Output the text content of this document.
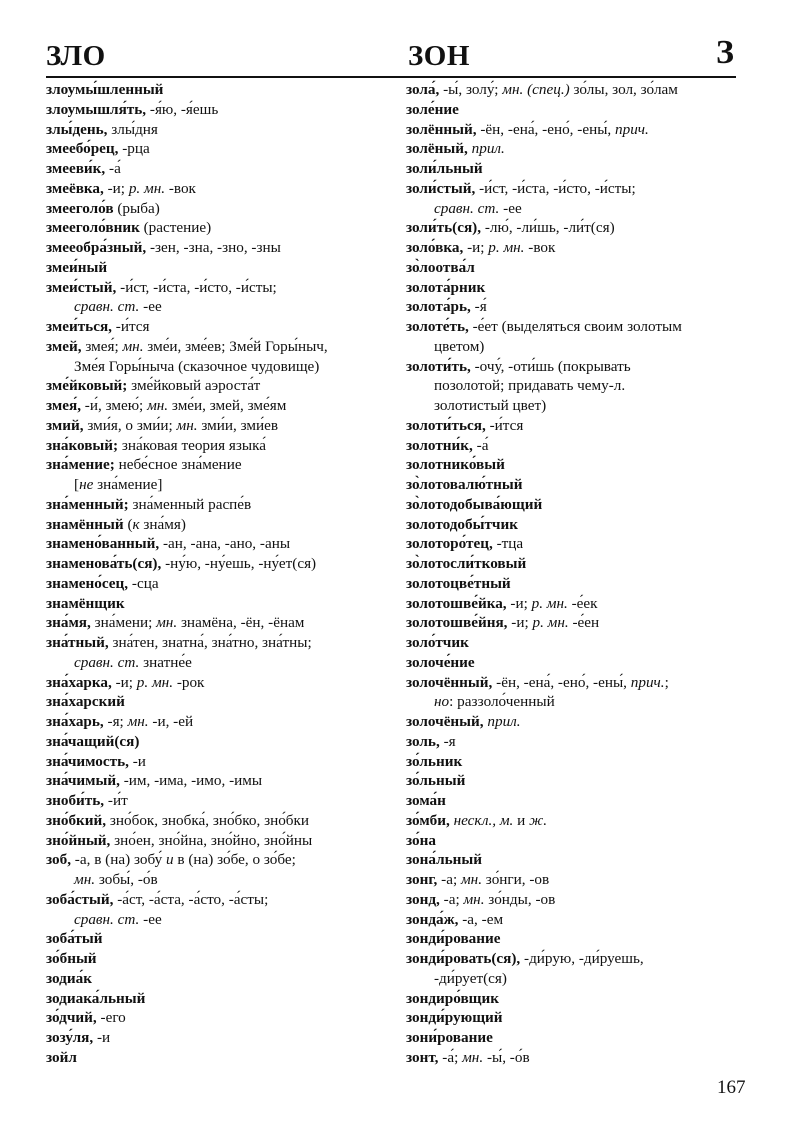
ЗЛО	ЗОН	З
злоумы́шленный
злоумышля́ть, -я́ю, -я́ешь
злы́день, злы́дня
змеебо́рец, -рца
змееви́к, -а́
змеёвка, -и; р. мн. -вок
змееголо́в (рыба)
змееголо́вник (растение)
змееобра́зный, -зен, -зна, -зно, -зны
змеи́ный
змеи́стый, -и́ст, -и́ста, -и́сто, -и́сты;
сравн. ст. -ее
змеи́ться, -и́тся
змей, змея́; мн. зме́и, зме́ев; Зме́й Горы́ныч,
Зме́я Горы́ныча (сказочное чудовище)
зме́йковый; зме́йковый аэроста́т
змея́, -и́, змею́; мн. зме́и, змей, зме́ям
змий, зми́я, о зми́и; мн. зми́и, зми́ев
зна́ковый; зна́ковая теория языка́
зна́мение; небе́сное зна́мение
[не зна́мение]
зна́менный; зна́менный распе́в
знамённый (к зна́мя)
знамено́ванный, -ан, -ана, -ано, -аны
знаменова́ть(ся), -ну́ю, -ну́ешь, -ну́ет(ся)
знамено́сец, -сца
знамёнщик
зна́мя, зна́мени; мн. знамёна, -ён, -ёнам
зна́тный, зна́тен, знатна́, зна́тно, зна́тны;
сравн. ст. знатне́е
зна́харка, -и; р. мн. -рок
зна́харский
зна́харь, -я; мн. -и, -ей
зна́чащий(ся)
зна́чимость, -и
зна́чимый, -им, -има, -имо, -имы
зноби́ть, -и́т
зно́бкий, зно́бок, знобка́, зно́бко, зно́бки
зно́йный, зно́ен, зно́йна, зно́йно, зно́йны
зоб, -а, в (на) зобу́ и в (на) зо́бе, о зо́бе;
мн. зобы́, -о́в
зоба́стый, -а́ст, -а́ста, -а́сто, -а́сты;
сравн. ст. -ее
зоба́тый
зо́бный
зодиа́к
зодиака́льный
зо́дчий, -его
зозу́ля, -и
зойл
зола́, -ы́, золу́; мн. (спец.) зо́лы, зол, зо́лам
золе́ние
золённый, -ён, -ена́, -ено́, -ены́, прич.
золёный, прил.
золи́льный
золи́стый, -и́ст, -и́ста, -и́сто, -и́сты;
сравн. ст. -ее
золи́ть(ся), -лю́, -ли́шь, -ли́т(ся)
золо́вка, -и; р. мн. -вок
зо̀лоотва́л
золота́рник
золота́рь, -я́
золоте́ть, -е́ет (выделяться своим золотым
цветом)
золоти́ть, -очу́, -оти́шь (покрывать
позолотой; придавать чему-л.
золотистый цвет)
золоти́ться, -и́тся
золотни́к, -а́
золотнико́вый
зо̀лотовалю́тный
зо̀лотодобыва́ющий
золотодобы́тчик
золоторо́тец, -тца
зо̀лотосли́тковый
золотоцве́тный
золотошве́йка, -и; р. мн. -е́ек
золотошве́йня, -и; р. мн. -е́ен
золо́тчик
золоче́ние
золочённый, -ён, -ена́, -ено́, -ены́, прич.;
но: раззоло́ченный
золочёный, прил.
золь, -я
зо́льник
зо́льный
зома́н
зо́мби, нескл., м. и ж.
зо́на
зона́льный
зонг, -а; мн. зо́нги, -ов
зонд, -а; мн. зо́нды, -ов
зонда́ж, -а, -ем
зонди́рование
зонди́ровать(ся), -ди́рую, -ди́руешь,
-ди́рует(ся)
зондиро́вщик
зонди́рующий
зони́рование
зонт, -а́; мн. -ы́, -о́в
167
